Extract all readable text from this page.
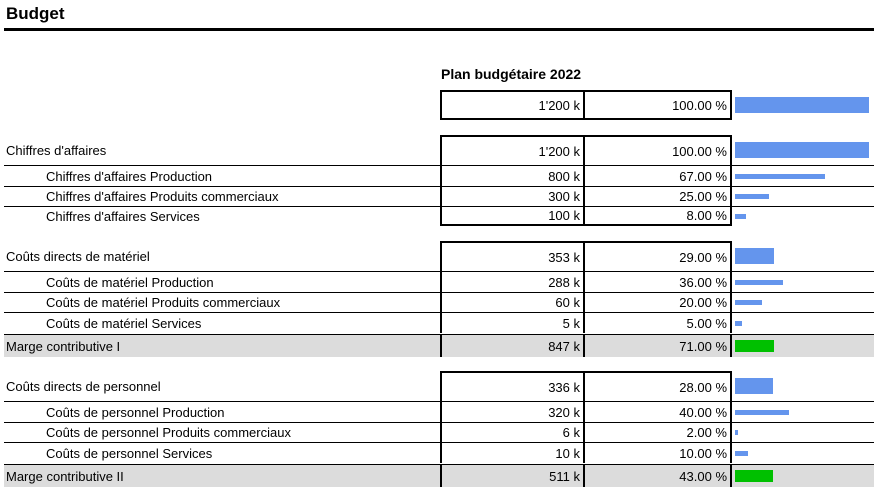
Budget
Plan budgétaire 2022
1'200 k	100.00 %
Chiffres d'affaires	1'200 k	100.00 %
Chiffres d'affaires Production	800 k	67.00 %
Chiffres d'affaires Produits commerciaux	300 k	25.00 %
Chiffres d'affaires Services	100 k	8.00 %
Coûts directs de matériel	353 k	29.00 %
Coûts de matériel Production	288 k	36.00 %
Coûts de matériel Produits commerciaux	60 k	20.00 %
Coûts de matériel Services	5 k	5.00 %
Marge contributive I	847 k	71.00 %
Coûts directs de personnel	336 k	28.00 %
Coûts de personnel Production	320 k	40.00 %
Coûts de personnel Produits commerciaux	6 k	2.00 %
Coûts de personnel Services	10 k	10.00 %
Marge contributive II	511 k	43.00 %
